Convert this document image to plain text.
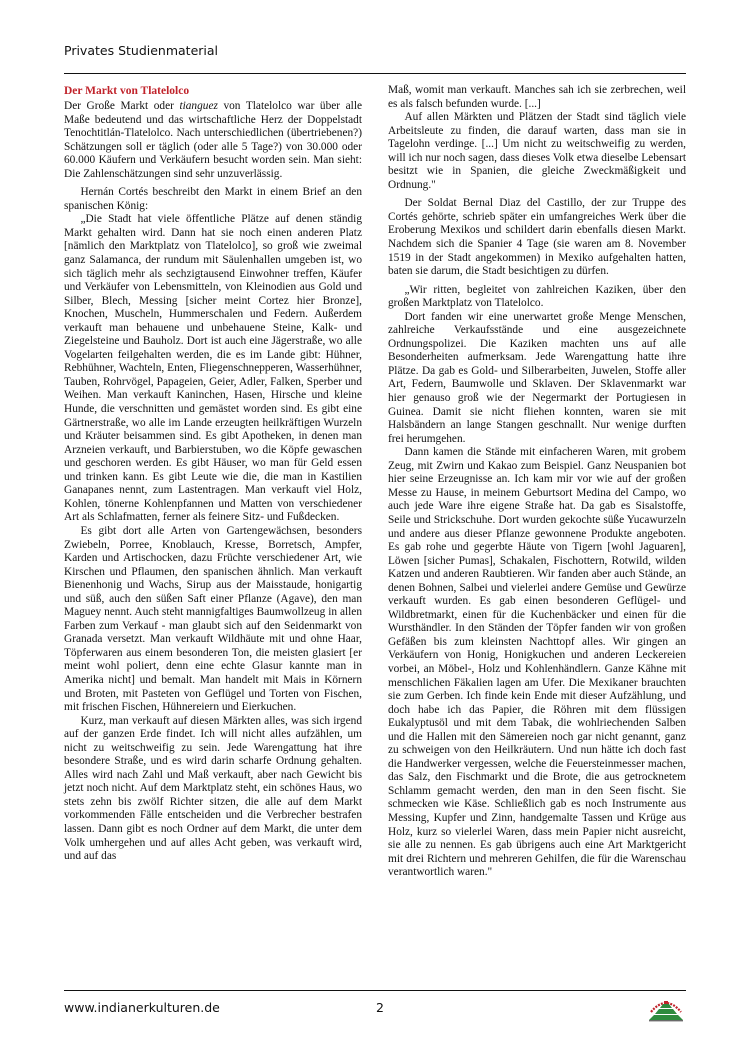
Privates Studienmaterial
Der Markt von Tlatelolco

Der Große Markt oder tianguez von Tlatelolco war über alle Maße bedeutend und das wirtschaftliche Herz der Doppelstadt Tenochtitlán-Tlatelolco. Nach unterschiedlichen (übertriebenen?) Schätzungen soll er täglich (oder alle 5 Tage?) von 30.000 oder 60.000 Käufern und Verkäufern besucht worden sein. Man sieht: Die Zahlenschätzungen sind sehr unzuverlässig.

Hernán Cortés beschreibt den Markt in einem Brief an den spanischen König:

„Die Stadt hat viele öffentliche Plätze auf denen ständig Markt gehalten wird. Dann hat sie noch einen anderen Platz [nämlich den Marktplatz von Tlatelolco], so groß wie zweimal ganz Salamanca, der rundum mit Säulenhallen umgeben ist, wo sich täglich mehr als sechzigtausend Einwohner treffen, Käufer und Verkäufer von Lebensmitteln, von Kleinodien aus Gold und Silber, Blech, Messing [sicher meint Cortez hier Bronze], Knochen, Muscheln, Hummerschalen und Federn. Außerdem verkauft man behauene und unbehauene Steine, Kalk- und Ziegelsteine und Bauholz. Dort ist auch eine Jägerstraße, wo alle Vogelarten feilgehalten werden, die es im Lande gibt: Hühner, Rebhühner, Wachteln, Enten, Fliegenschnepperen, Wasserhühner, Tauben, Rohrvögel, Papageien, Geier, Adler, Falken, Sperber und Weihen. Man verkauft Kaninchen, Hasen, Hirsche und kleine Hunde, die verschnitten und gemästet worden sind. Es gibt eine Gärtnerstraße, wo alle im Lande erzeugten heilkräftigen Wurzeln und Kräuter beisammen sind. Es gibt Apotheken, in denen man Arzneien verkauft, und Barbierstuben, wo die Köpfe gewaschen und geschoren werden. Es gibt Häuser, wo man für Geld essen und trinken kann. Es gibt Leute wie die, die man in Kastilien Ganapanes nennt, zum Lastentragen. Man verkauft viel Holz, Kohlen, tönerne Kohlenpfannen und Matten von verschiedener Art als Schlafmatten, ferner als feinere Sitz- und Fußdecken.

Es gibt dort alle Arten von Gartengewächsen, besonders Zwiebeln, Porree, Knoblauch, Kresse, Borretsch, Ampfer, Karden und Artischocken, dazu Früchte verschiedener Art, wie Kirschen und Pflaumen, den spanischen ähnlich. Man verkauft Bienenhonig und Wachs, Sirup aus der Maisstaude, honigartig und süß, auch den süßen Saft einer Pflanze (Agave), den man Maguey nennt. Auch steht mannigfaltiges Baumwollzeug in allen Farben zum Verkauf - man glaubt sich auf den Seidenmarkt von Granada versetzt. Man verkauft Wildhäute mit und ohne Haar, Töpferwaren aus einem besonderen Ton, die meisten glasiert [er meint wohl poliert, denn eine echte Glasur kannte man in Amerika nicht] und bemalt. Man handelt mit Mais in Körnern und Broten, mit Pasteten von Geflügel und Torten von Fischen, mit frischen Fischen, Hühnereiern und Eierkuchen.

Kurz, man verkauft auf diesen Märkten alles, was sich irgend auf der ganzen Erde findet. Ich will nicht alles aufzählen, um nicht zu weitschweifig zu sein. Jede Warengattung hat ihre besondere Straße, und es wird darin scharfe Ordnung gehalten. Alles wird nach Zahl und Maß verkauft, aber nach Gewicht bis jetzt noch nicht. Auf dem Marktplatz steht, ein schönes Haus, wo stets zehn bis zwölf Richter sitzen, die alle auf dem Markt vorkommenden Fälle entscheiden und die Verbrecher bestrafen lassen. Dann gibt es noch Ordner auf dem Markt, die unter dem Volk umhergehen und auf alles Acht geben, was verkauft wird, und auf das

Maß, womit man verkauft. Manches sah ich sie zerbrechen, weil es als falsch befunden wurde. [...]

Auf allen Märkten und Plätzen der Stadt sind täglich viele Arbeitsleute zu finden, die darauf warten, dass man sie in Tagelohn verdinge. [...] Um nicht zu weitschweifig zu werden, will ich nur noch sagen, dass dieses Volk etwa dieselbe Lebensart besitzt wie in Spanien, die gleiche Zweckmäßigkeit und Ordnung."

Der Soldat Bernal Diaz del Castillo, der zur Truppe des Cortés gehörte, schrieb später ein umfangreiches Werk über die Eroberung Mexikos und schildert darin ebenfalls diesen Markt. Nachdem sich die Spanier 4 Tage (sie waren am 8. November 1519 in der Stadt angekommen) in Mexiko aufgehalten hatten, baten sie darum, die Stadt besichtigen zu dürfen.

„Wir ritten, begleitet von zahlreichen Kaziken, über den großen Marktplatz von Tlatelolco.

Dort fanden wir eine unerwartet große Menge Menschen, zahlreiche Verkaufsstände und eine ausgezeichnete Ordnungspolizei. Die Kaziken machten uns auf alle Besonderheiten aufmerksam. Jede Warengattung hatte ihre Plätze. Da gab es Gold- und Silberarbeiten, Juwelen, Stoffe aller Art, Federn, Baumwolle und Sklaven. Der Sklavenmarkt war hier genauso groß wie der Negermarkt der Portugiesen in Guinea. Damit sie nicht fliehen konnten, waren sie mit Halsbändern an lange Stangen geschnallt. Nur wenige durften frei herumgehen.

Dann kamen die Stände mit einfacheren Waren, mit grobem Zeug, mit Zwirn und Kakao zum Beispiel. Ganz Neuspanien bot hier seine Erzeugnisse an. Ich kam mir vor wie auf der großen Messe zu Hause, in meinem Geburtsort Medina del Campo, wo auch jede Ware ihre eigene Straße hat. Da gab es Sisalstoffe, Seile und Strickschuhe. Dort wurden gekochte süße Yucawurzeln und andere aus dieser Pflanze gewonnene Produkte angeboten. Es gab rohe und gegerbte Häute von Tigern [wohl Jaguaren], Löwen [sicher Pumas], Schakalen, Fischottern, Rotwild, wilden Katzen und anderen Raubtieren. Wir fanden aber auch Stände, an denen Bohnen, Salbei und vielerlei andere Gemüse und Gewürze verkauft wurden. Es gab einen besonderen Geflügel- und Wildbretmarkt, einen für die Kuchenbäcker und einen für die Wursthändler. In den Ständen der Töpfer fanden wir von großen Gefäßen bis zum kleinsten Nachttopf alles. Wir gingen an Verkäufern von Honig, Honigkuchen und anderen Leckereien vorbei, an Möbel-, Holz und Kohlenhändlern. Ganze Kähne mit menschlichen Fäkalien lagen am Ufer. Die Mexikaner brauchten sie zum Gerben. Ich finde kein Ende mit dieser Aufzählung, und doch habe ich das Papier, die Röhren mit dem flüssigen Eukalyptusöl und mit dem Tabak, die wohlriechenden Salben und die Hallen mit den Sämereien noch gar nicht genannt, ganz zu schweigen von den Heilkräutern. Und nun hätte ich doch fast die Handwerker vergessen, welche die Feuersteinmesser machen, das Salz, den Fischmarkt und die Brote, die aus getrocknetem Schlamm gemacht werden, den man in den Seen fischt. Sie schmecken wie Käse. Schließlich gab es noch Instrumente aus Messing, Kupfer und Zinn, handgemalte Tassen und Krüge aus Holz, kurz so vielerlei Waren, dass mein Papier nicht ausreicht, sie alle zu nennen. Es gab übrigens auch eine Art Marktgericht mit drei Richtern und mehreren Gehilfen, die für die Warenschau verantwortlich waren."

www.indianerkulturen.de	2
